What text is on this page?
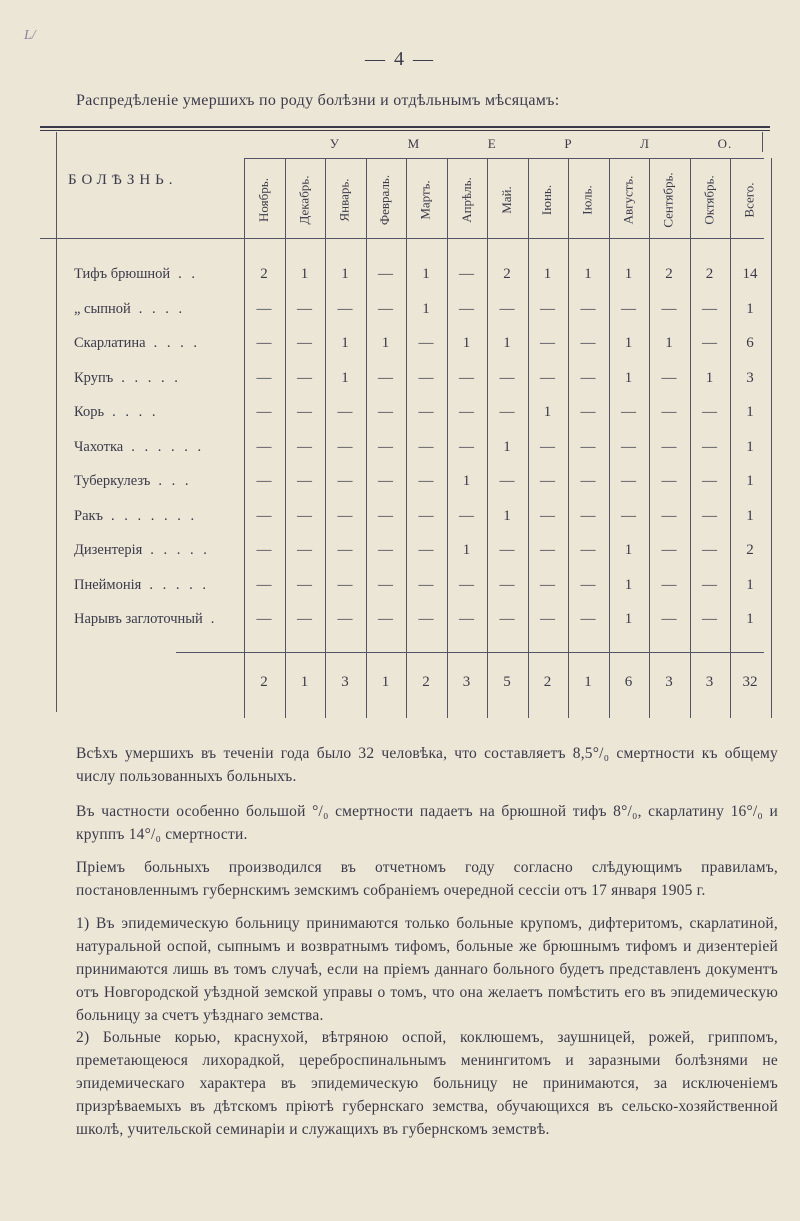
L/
— 4 —
Распредѣленіе умершихъ по роду болѣзни и отдѣльнымъ мѣсяцамъ:
У	М	Е	Р	Л	О.
БОЛѢЗНЬ.	Ноябрь. Декабрь. Январь. Февраль. Мартъ. Апрѣль. Май. Іюнь. Іюль. Августъ. Сентябрь. Октябрь. Всего.
Тифъ брюшной . .	2	1	1	—	1	—	2	1	1	1	2	2	14
„ сыпной . . . .	—	—	—	—	1	—	—	—	—	—	—	—	1
Скарлатина . . . .	—	—	1	1	—	1	1	—	—	1	1	—	6
Крупъ . . . . .	—	—	1	—	—	—	—	—	—	1	—	1	3
Корь . . . .	—	—	—	—	—	—	—	1	—	—	—	—	1
Чахотка . . . . . .	—	—	—	—	—	—	1	—	—	—	—	—	1
Туберкулезъ . . .	—	—	—	—	—	1	—	—	—	—	—	—	1
Ракъ . . . . . . .	—	—	—	—	—	—	1	—	—	—	—	—	1
Дизентерія . . . . .	—	—	—	—	—	1	—	—	—	1	—	—	2
Пнеймонія . . . . .	—	—	—	—	—	—	—	—	—	1	—	—	1
Нарывъ заглоточный .	—	—	—	—	—	—	—	—	—	1	—	—	1
2	1	3	1	2	3	5	2	1	6	3	3	32
Всѣхъ умершихъ въ теченіи года было 32 человѣка, что составляетъ 8,5°/₀ смертности къ общему числу пользованныхъ больныхъ.
Въ частности особенно большой °/₀ смертности падаетъ на брюшной тифъ 8°/₀, скарлатину 16°/₀ и круппъ 14°/₀ смертности.
Пріемъ больныхъ производился въ отчетномъ году согласно слѣдующимъ правиламъ, постановленнымъ губернскимъ земскимъ собраніемъ очередной сессіи отъ 17 января 1905 г.
1) Въ эпидемическую больницу принимаются только больные крупомъ, дифтеритомъ, скарлатиной, натуральной оспой, сыпнымъ и возвратнымъ тифомъ, больные же брюшнымъ тифомъ и дизентеріей принимаются лишь въ томъ случаѣ, если на пріемъ даннаго больного будетъ представленъ документъ отъ Новгородской уѣздной земской управы о томъ, что она желаетъ помѣстить его въ эпидемическую больницу за счетъ уѣзднаго земства.
2) Больные корью, краснухой, вѣтряною оспой, коклюшемъ, заушницей, рожей, гриппомъ, преметающеюся лихорадкой, цереброспинальнымъ менингитомъ и заразными болѣзнями не эпидемическаго характера въ эпидемическую больницу не принимаются, за исключеніемъ призрѣваемыхъ въ дѣтскомъ пріютѣ губернскаго земства, обучающихся въ сельско-хозяйственной школѣ, учительской семинаріи и служащихъ въ губернскомъ земствѣ.
